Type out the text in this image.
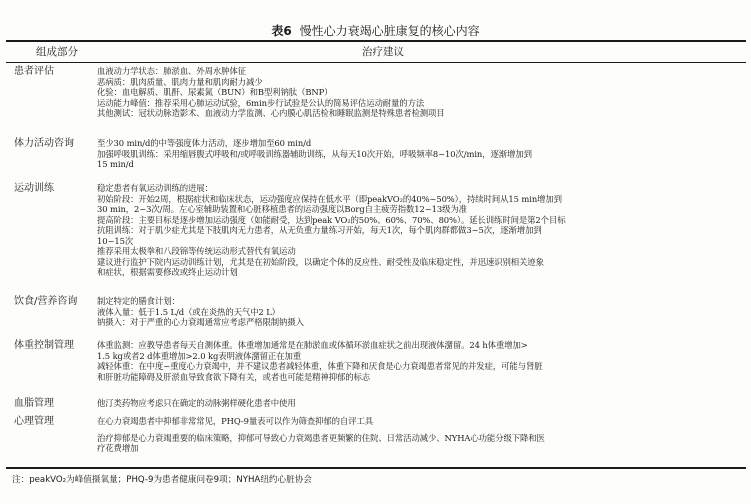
表6 慢性心力衰竭心脏康复的核心内容
组成部分	治疗建议
患者评估	血液动力学状态：肺淤血、外周水肿体征
恶病质：肌肉质量、肌肉力量和肌肉耐力减少
化验：血电解质、肌酐、尿素氮（BUN）和B型利钠肽（BNP）
运动能力峰值：推荐采用心肺运动试验，6min步行试验是公认的简易评估运动耐量的方法
其他测试：冠状动脉造影术、血液动力学监测、心内膜心肌活检和睡眠监测是特殊患者检测项目
体力活动咨询	至少30 min/d的中等强度体力活动，逐步增加至60 min/d
加强呼吸肌训练：采用缩唇腹式呼吸和/或呼吸训练器辅助训练，从每天10次开始，呼吸频率8~10次/min，逐渐增加到
15 min/d
运动训练	稳定患者有氧运动训练的进展：
初始阶段：开始2周，根据症状和临床状态，运动强度应保持在低水平（即peakVO₂的40%~50%），持续时间从15 min增加到
30 min，2~3次/周。左心室辅助装置和心脏移植患者的运动强度以Borg自主疲劳指数12~13级为准
提高阶段：主要目标是逐步增加运动强度（如能耐受，达到peak VO₂的50%、60%、70%、80%）。延长训练时间是第2个目标
抗阻训练：对于肌少症尤其是下肢肌肉无力患者，从无负重力量练习开始，每天1次，每个肌肉群都做3~5次，逐渐增加到
10~15次
推荐采用太极拳和八段锦等传统运动形式替代有氧运动
建议进行监护下院内运动训练计划，尤其是在初始阶段，以确定个体的反应性、耐受性及临床稳定性，并迅速识别相关迹象
和症状，根据需要修改或终止运动计划
饮食/营养咨询	制定特定的膳食计划：
液体入量：低于1.5 L/d（或在炎热的天气中2 L）
钠摄入：对于严重的心力衰竭通常应考虑严格限制钠摄入
体重控制管理	体重监测：应教导患者每天自测体重。体重增加通常是在肺淤血或体循环淤血症状之前出现液体潴留。24 h体重增加>
1.5 kg或者2 d体重增加>2.0 kg表明液体潴留正在加重
减轻体重：在中度~重度心力衰竭中，并不建议患者减轻体重，体重下降和厌食是心力衰竭患者常见的并发症，可能与肾脏
和肝脏功能障碍及肝淤血导致食欲下降有关，或者也可能是精神抑郁的标志
血脂管理	他汀类药物应考虑只在确定的动脉粥样硬化患者中使用
心理管理	在心力衰竭患者中抑郁非常常见，PHQ-9量表可以作为筛查抑郁的自评工具
治疗抑郁是心力衰竭重要的临床策略，抑郁可导致心力衰竭患者更频繁的住院、日常活动减少、NYHA心功能分级下降和医
疗花费增加
注：peakVO₂为峰值摄氧量；PHQ-9为患者健康问卷9项；NYHA纽约心脏协会
